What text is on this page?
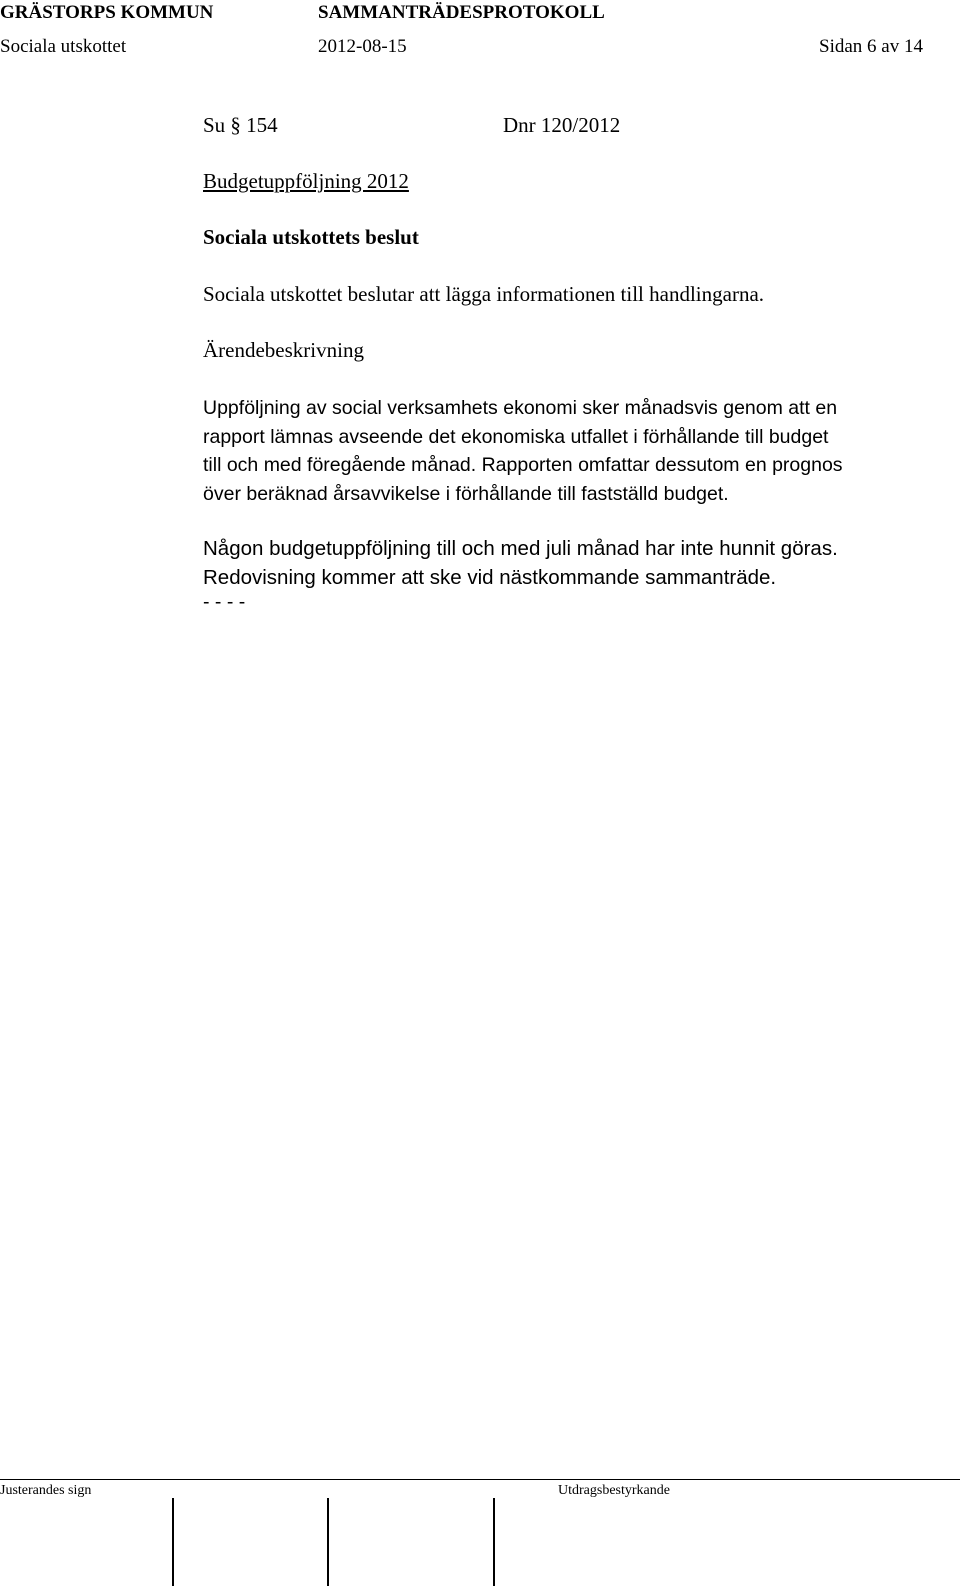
GRÄSTORPS KOMMUN	SAMMANTRÄDESPROTOKOLL
Sociala utskottet	2012-08-15	Sidan 6 av 14
Su § 154	Dnr 120/2012
Budgetuppföljning 2012
Sociala utskottets beslut
Sociala utskottet beslutar att lägga informationen till handlingarna.
Ärendebeskrivning
Uppföljning av social verksamhets ekonomi sker månadsvis genom att en
rapport lämnas avseende det ekonomiska utfallet i förhållande till budget
till och med föregående månad. Rapporten omfattar dessutom en prognos
över beräknad årsavvikelse i förhållande till fastställd budget.
Någon budgetuppföljning till och med juli månad har inte hunnit göras.
Redovisning kommer att ske vid nästkommande sammanträde.
- - - -
Justerandes sign	Utdragsbestyrkande
